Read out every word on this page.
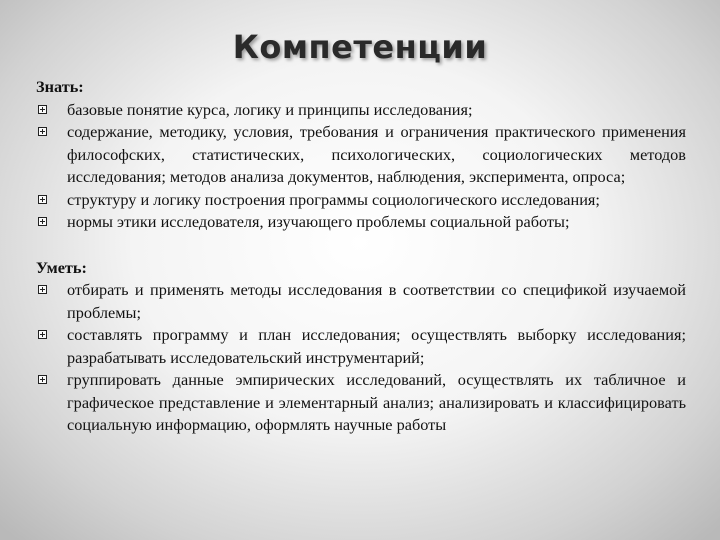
Компетенции

Знать:

базовые понятие курса, логику и принципы исследования;
содержание, методику, условия, требования и ограничения практического применения философских, статистических, психологических, социологических методов исследования; методов анализа документов, наблюдения, эксперимента, опроса;
структуру и логику построения программы социологического исследования;
нормы этики исследователя, изучающего проблемы социальной работы;

Уметь:

отбирать и применять методы исследования в соответствии со спецификой изучаемой проблемы;
составлять программу и план исследования; осуществлять выборку исследования; разрабатывать исследовательский инструментарий;
группировать данные эмпирических исследований, осуществлять их табличное и графическое представление и элементарный анализ; анализировать и классифицировать социальную информацию, оформлять научные работы
